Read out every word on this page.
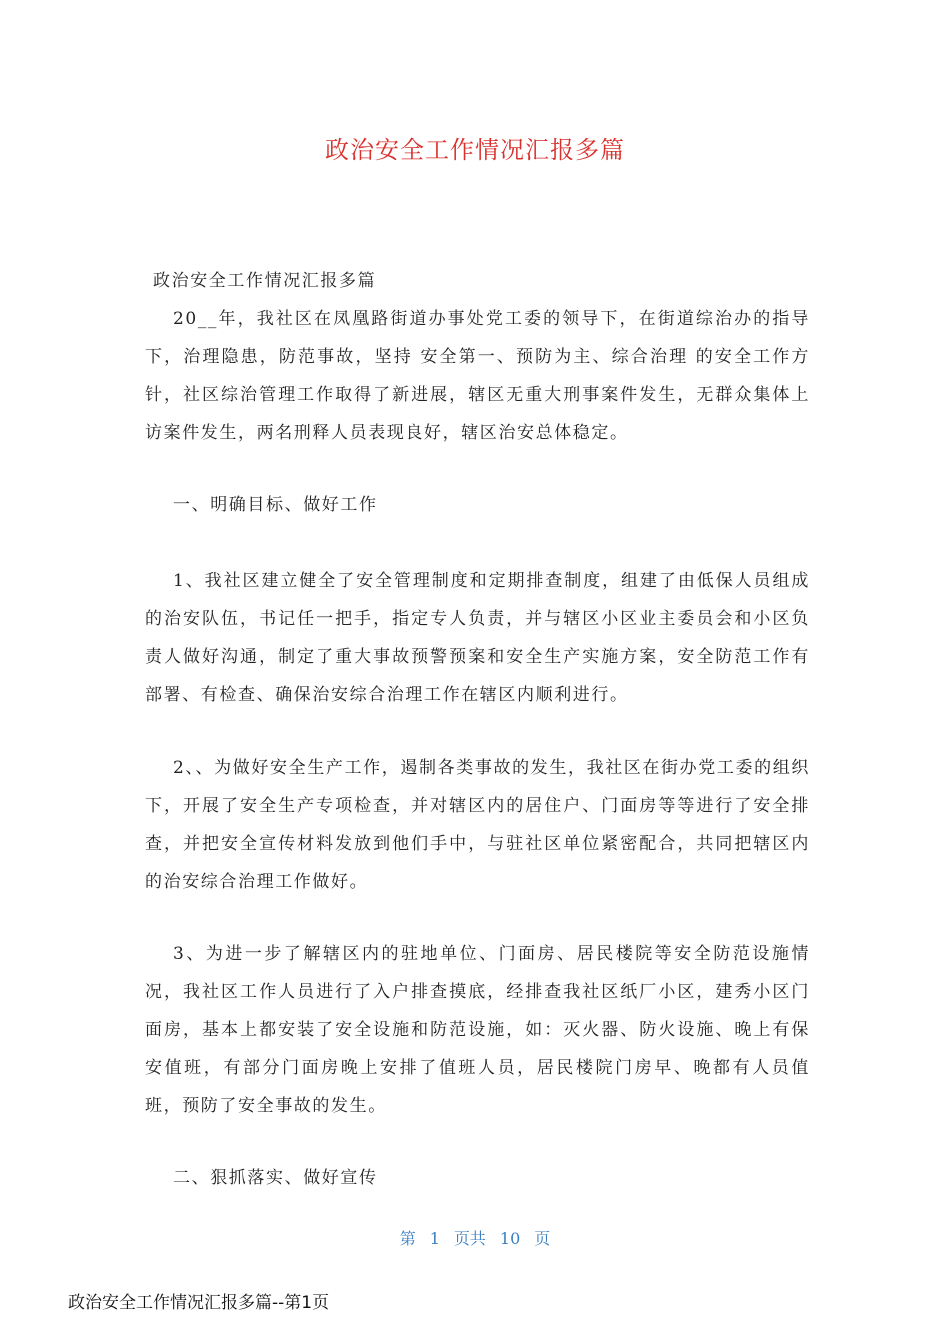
政治安全工作情况汇报多篇

政治安全工作情况汇报多篇

20__年，我社区在凤凰路街道办事处党工委的领导下，在街道综治办的指导下，治理隐患，防范事故，坚持 安全第一、预防为主、综合治理 的安全工作方针，社区综治管理工作取得了新进展，辖区无重大刑事案件发生，无群众集体上访案件发生，两名刑释人员表现良好，辖区治安总体稳定。

一、明确目标、做好工作

1、我社区建立健全了安全管理制度和定期排查制度，组建了由低保人员组成的治安队伍，书记任一把手，指定专人负责，并与辖区小区业主委员会和小区负责人做好沟通，制定了重大事故预警预案和安全生产实施方案，安全防范工作有部署、有检查、确保治安综合治理工作在辖区内顺利进行。

2、、为做好安全生产工作，遏制各类事故的发生，我社区在街办党工委的组织下，开展了安全生产专项检查，并对辖区内的居住户、门面房等等进行了安全排查，并把安全宣传材料发放到他们手中，与驻社区单位紧密配合，共同把辖区内的治安综合治理工作做好。

3、为进一步了解辖区内的驻地单位、门面房、居民楼院等安全防范设施情况，我社区工作人员进行了入户排查摸底，经排查我社区纸厂小区，建秀小区门面房，基本上都安装了安全设施和防范设施，如：灭火器、防火设施、晚上有保安值班，有部分门面房晚上安排了值班人员，居民楼院门房早、晚都有人员值班，预防了安全事故的发生。

二、狠抓落实、做好宣传

第 1 页共 10 页

政治安全工作情况汇报多篇--第1页
